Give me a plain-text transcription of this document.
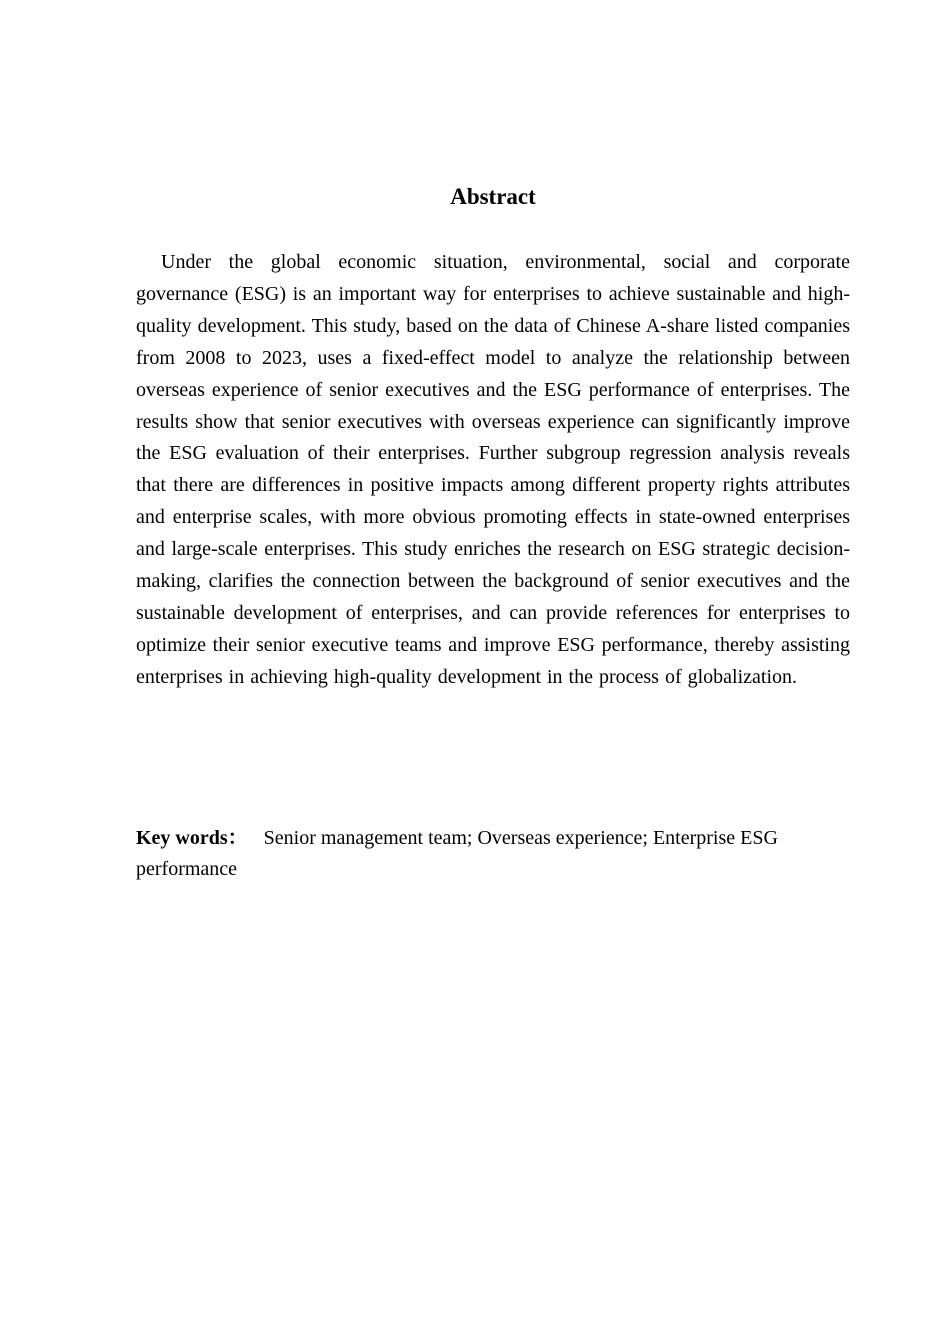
Abstract

Under the global economic situation, environmental, social and corporate governance (ESG) is an important way for enterprises to achieve sustainable and high-quality development. This study, based on the data of Chinese A-share listed companies from 2008 to 2023, uses a fixed-effect model to analyze the relationship between overseas experience of senior executives and the ESG performance of enterprises. The results show that senior executives with overseas experience can significantly improve the ESG evaluation of their enterprises. Further subgroup regression analysis reveals that there are differences in positive impacts among different property rights attributes and enterprise scales, with more obvious promoting effects in state-owned enterprises and large-scale enterprises. This study enriches the research on ESG strategic decision-making, clarifies the connection between the background of senior executives and the sustainable development of enterprises, and can provide references for enterprises to optimize their senior executive teams and improve ESG performance, thereby assisting enterprises in achieving high-quality development in the process of globalization.

Key words： Senior management team; Overseas experience; Enterprise ESG performance
